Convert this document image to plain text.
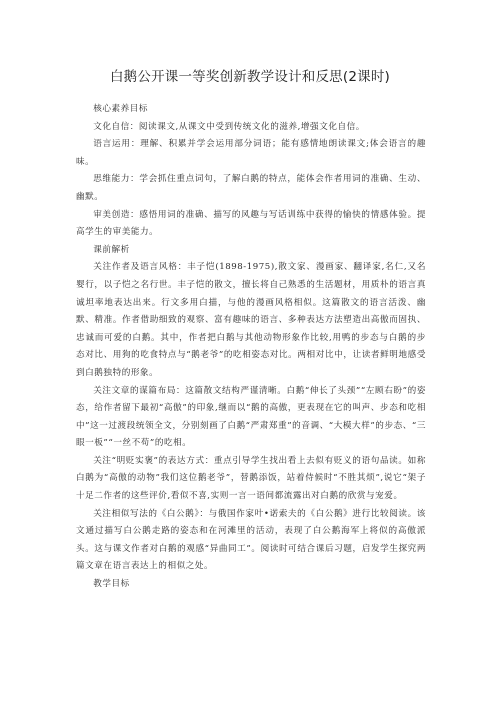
白鹅公开课一等奖创新教学设计和反思(2课时)

核心素养目标

文化自信：阅读课文,从课文中受到传统文化的滋养,增强文化自信。

语言运用：理解、积累并学会运用部分词语；能有感情地朗读课文;体会语言的趣味。

思维能力：学会抓住重点词句，了解白鹅的特点，能体会作者用词的准确、生动、幽默。

审美创造：感悟用词的准确、描写的风趣与写话训练中获得的愉快的情感体验。提高学生的审美能力。

课前解析

关注作者及语言风格：丰子恺(1898-1975),散文家、漫画家、翻译家,名仁,又名婴行，以子恺之名行世。丰子恺的散文，擅长将自己熟悉的生活题材，用质朴的语言真诚坦率地表达出来。行文多用白描，与他的漫画风格相似。这篇散文的语言活泼、幽默、精准。作者借助细致的观察、富有趣味的语言、多种表达方法塑造出高傲而固执、忠诚而可爱的白鹅。其中，作者把白鹅与其他动物形象作比较,用鸭的步态与白鹅的步态对比、用狗的吃食特点与“鹅老爷”的吃相姿态对比。两相对比中，让读者鲜明地感受到白鹅独特的形象。

关注文章的谋篇布局：这篇散文结构严谨清晰。白鹅“伸长了头颈”“左顾右盼”的姿态，给作者留下最初“高傲”的印象,继而以“鹅的高傲，更表现在它的叫声、步态和吃相中”这一过渡段统领全文，分别刻画了白鹅“严肃郑重”的音调、“大模大样”的步态、“三眼一板”“一丝不苟”的吃相。

关注“明贬实褒”的表达方式：重点引导学生找出看上去似有贬义的语句品读。如称白鹅为“高傲的动物”我们这位鹅老爷”，替鹅添饭，站着侍候时“不胜其烦”,说它“架子十足二作者的这些评价,看似不喜,实则一言一语间都流露出对白鹅的欣赏与宠爱。

关注相似写法的《白公鹅》：与俄国作家叶•诺索夫的《白公鹅》进行比较阅读。该文通过描写白公鹅走路的姿态和在河滩里的活动，表现了白公鹅海军上将似的高傲派头。这与课文作者对白鹅的观感“异曲同工”。阅读时可结合课后习题，启发学生探究两篇文章在语言表达上的相似之处。

教学目标
